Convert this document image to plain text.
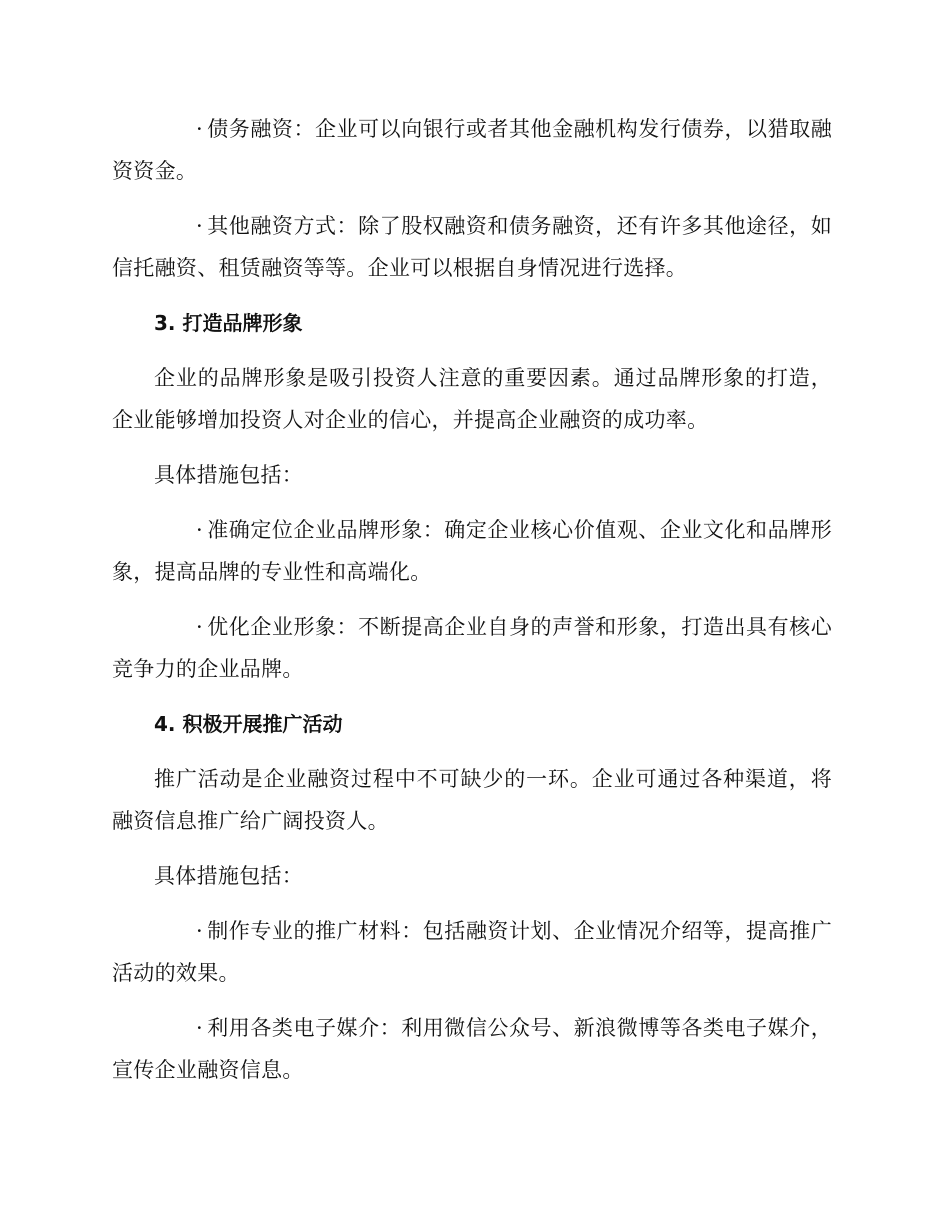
· 债务融资：企业可以向银行或者其他金融机构发行债券，以猎取融资资金。

· 其他融资方式：除了股权融资和债务融资，还有许多其他途径，如信托融资、租赁融资等等。企业可以根据自身情况进行选择。

3. 打造品牌形象

企业的品牌形象是吸引投资人注意的重要因素。通过品牌形象的打造，企业能够增加投资人对企业的信心，并提高企业融资的成功率。

具体措施包括：

· 准确定位企业品牌形象：确定企业核心价值观、企业文化和品牌形象，提高品牌的专业性和高端化。

· 优化企业形象：不断提高企业自身的声誉和形象，打造出具有核心竞争力的企业品牌。

4. 积极开展推广活动

推广活动是企业融资过程中不可缺少的一环。企业可通过各种渠道，将融资信息推广给广阔投资人。

具体措施包括：

· 制作专业的推广材料：包括融资计划、企业情况介绍等，提高推广活动的效果。

· 利用各类电子媒介：利用微信公众号、新浪微博等各类电子媒介，宣传企业融资信息。
